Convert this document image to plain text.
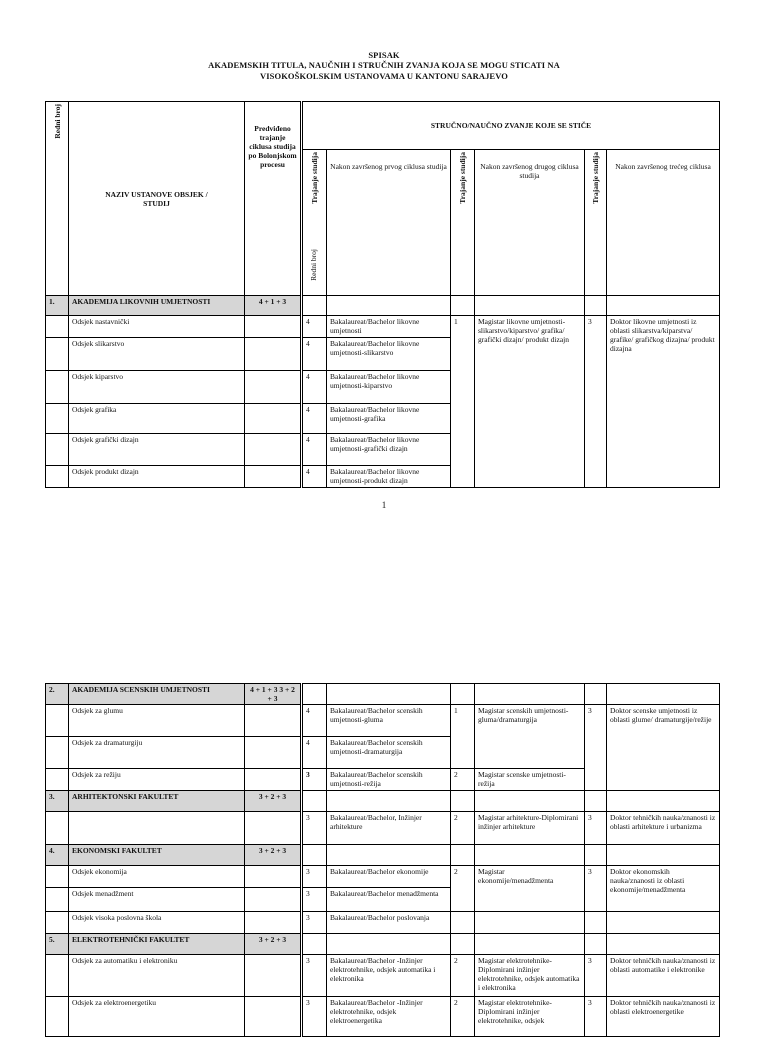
SPISAK
AKADEMSKIH TITULA, NAUČNIH I STRUČNIH ZVANJA KOJA SE MOGU STICATI NA
VISOKOŠKOLSKIM USTANOVAMA U KANTONU SARAJEVO
Redni broj	NAZIV USTANOVE OBSJEK / STUDIJ	Predviđeno trajanje ciklusa studija po Bolonjskom procesu	STRUČNO/NAUČNO ZVANJE KOJE SE STIČE					

			Trajanje studija
Redni broj	Nakon završenog prvog ciklusa studija	Trajanje studija	Nakon završenog drugog ciklusa studija	Trajanje studija	Nakon završenog trećeg ciklusa
1.	AKADEMIJA LIKOVNIH UMJETNOSTI	4 + 1 + 3						
	Odsjek nastavnički		4	Bakalaureat/Bachelor likovne umjetnosti	1	Magistar likovne umjetnosti-slikarstvo/kiparstvo/ grafika/ grafički dizajn/ produkt dizajn	3	Doktor likovne umjetnosti iz oblasti slikarstva/kiparstva/ grafike/ grafičkog dizajna/ produkt dizajna
	Odsjek slikarstvo		4	Bakalaureat/Bachelor likovne umjetnosti-slikarstvo				
	Odsjek kiparstvo		4	Bakalaureat/Bachelor likovne umjetnosti-kiparstvo				
	Odsjek grafika		4	Bakalaureat/Bachelor likovne umjetnosti-grafika				
	Odsjek grafički dizajn		4	Bakalaureat/Bachelor likovne umjetnosti-grafički dizajn				
	Odsjek produkt dizajn		4	Bakalaureat/Bachelor likovne umjetnosti-produkt dizajn				
1
2.	AKADEMIJA SCENSKIH UMJETNOSTI	4 + 1 + 3 3 + 2 + 3						
	Odsjek za glumu		4	Bakalaureat/Bachelor scenskih umjetnosti-gluma	1	Magistar scenskih umjetnosti-gluma/dramaturgija	3	Doktor scenske umjetnosti iz oblasti glume/ dramaturgije/režije
	Odsjek za dramaturgiju		4	Bakalaureat/Bachelor scenskih umjetnosti-dramaturgija				
	Odsjek za režiju		3	Bakalaureat/Bachelor scenskih umjetnosti-režija	2	Magistar scenske umjetnosti-režija		
3.	ARHITEKTONSKI FAKULTET	3 + 2 + 3						
			3	Bakalaureat/Bachelor, Inžinjer arhitekture	2	Magistar arhitekture-Diplomirani inžinjer arhitekture	3	Doktor tehničkih nauka/znanosti iz oblasti arhitekture i urbanizma
4.	EKONOMSKI FAKULTET	3 + 2 + 3						
	Odsjek ekonomija		3	Bakalaureat/Bachelor ekonomije	2	Magistar ekonomije/menadžmenta	3	Doktor ekonomskih nauka/znanosti iz oblasti ekonomije/menadžmenta
	Odsjek menadžment		3	Bakalaureat/Bachelor menadžmenta				
	Odsjek visoka poslovna škola		3	Bakalaureat/Bachelor poslovanja				
5.	ELEKTROTEHNIČKI FAKULTET	3 + 2 + 3						
	Odsjek za automatiku i elektroniku		3	Bakalaureat/Bachelor -Inžinjer elektrotehnike, odsjek automatika i elektronika	2	Magistar elektrotehnike-Diplomirani inžinjer elektrotehnike, odsjek automatika i elektronika	3	Doktor tehničkih nauka/znanosti iz oblasti automatike i elektronike
	Odsjek za elektroenergetiku		3	Bakalaureat/Bachelor -Inžinjer elektrotehnike, odsjek elektroenergetika	2	Magistar elektrotehnike-Diplomirani inžinjer elektrotehnike, odsjek	3	Doktor tehničkih nauka/znanosti iz oblasti elektroenergetike
